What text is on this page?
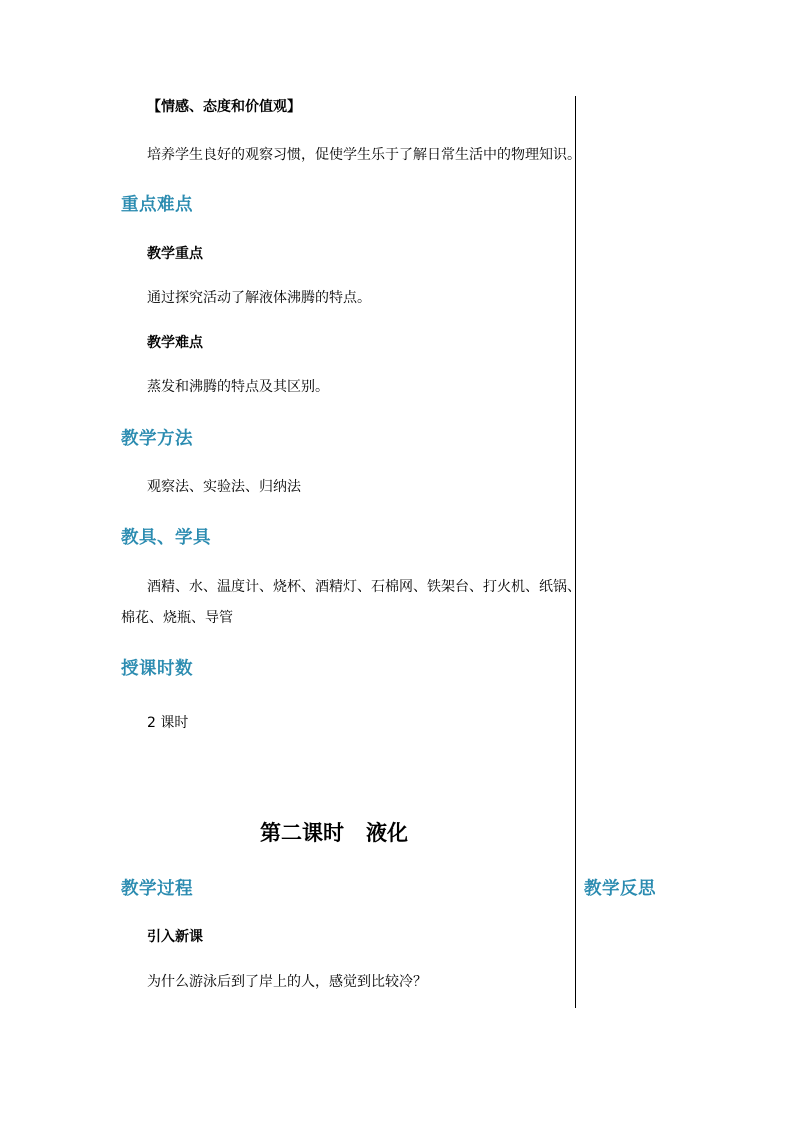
【情感、态度和价值观】

培养学生良好的观察习惯，促使学生乐于了解日常生活中的物理知识。

重点难点

教学重点

通过探究活动了解液体沸腾的特点。

教学难点

蒸发和沸腾的特点及其区别。

教学方法

观察法、实验法、归纳法

教具、学具

酒精、水、温度计、烧杯、酒精灯、石棉网、铁架台、打火机、纸锅、

棉花、烧瓶、导管

授课时数

2 课时

第二课时 液化

教学过程	教学反思

引入新课

为什么游泳后到了岸上的人，感觉到比较冷？
